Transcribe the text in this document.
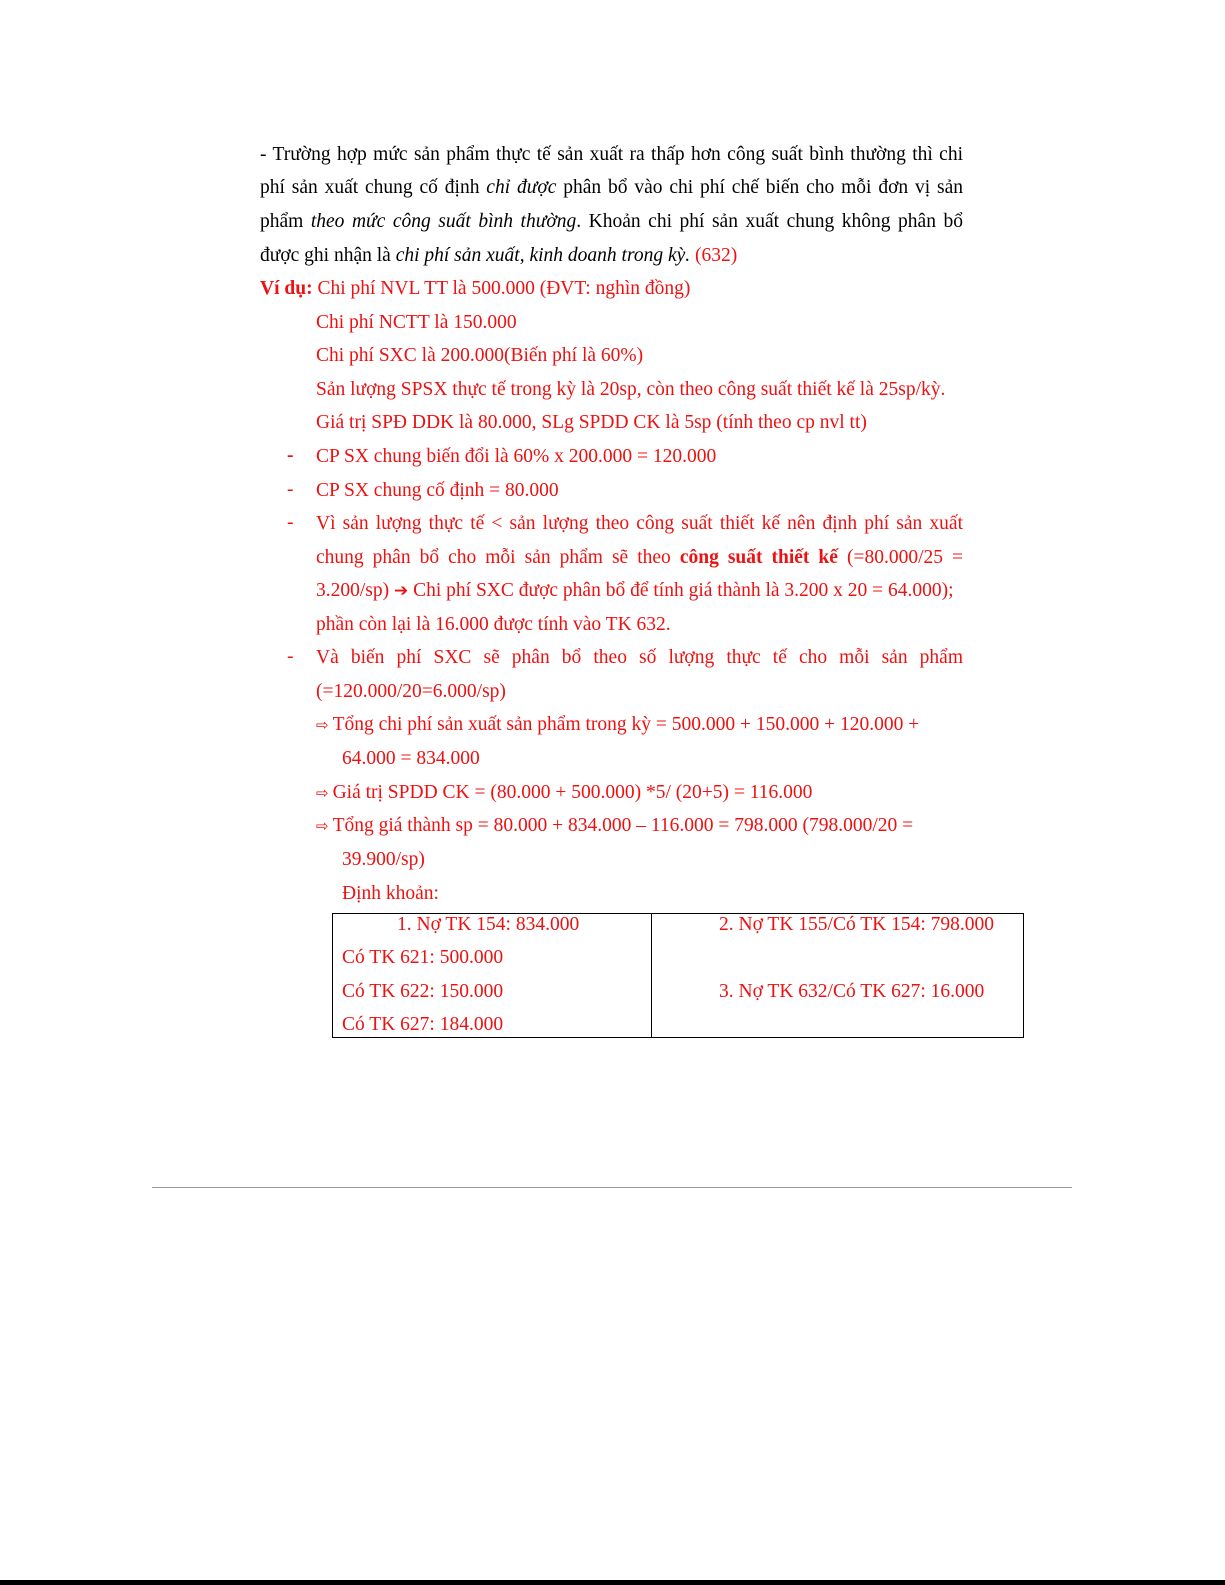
- Trường hợp mức sản phẩm thực tế sản xuất ra thấp hơn công suất bình thường thì chi
phí sản xuất chung cố định chỉ được phân bổ vào chi phí chế biến cho mỗi đơn vị sản
phẩm theo mức công suất bình thường. Khoản chi phí sản xuất chung không phân bổ
được ghi nhận là chi phí sản xuất, kinh doanh trong kỳ. (632)
Ví dụ: Chi phí NVL TT là 500.000 (ĐVT: nghìn đồng)
Chi phí NCTT là 150.000
Chi phí SXC là 200.000(Biến phí là 60%)
Sản lượng SPSX thực tế trong kỳ là 20sp, còn theo công suất thiết kế là 25sp/kỳ.
Giá trị SPĐ DDK là 80.000, SLg SPDD CK là 5sp (tính theo cp nvl tt)
- CP SX chung biến đổi là 60% x 200.000 = 120.000
- CP SX chung cố định = 80.000
- Vì sản lượng thực tế < sản lượng theo công suất thiết kế nên định phí sản xuất
chung phân bổ cho mỗi sản phẩm sẽ theo công suất thiết kế (=80.000/25 =
3.200/sp) ➔ Chi phí SXC được phân bổ để tính giá thành là 3.200 x 20 = 64.000);
phần còn lại là 16.000 được tính vào TK 632.
- Và biến phí SXC sẽ phân bổ theo số lượng thực tế cho mỗi sản phẩm
(=120.000/20=6.000/sp)
⇨ Tổng chi phí sản xuất sản phẩm trong kỳ = 500.000 + 150.000 + 120.000 +
64.000 = 834.000
⇨ Giá trị SPDD CK = (80.000 + 500.000) *5/ (20+5) = 116.000
⇨ Tổng giá thành sp = 80.000 + 834.000 – 116.000 = 798.000 (798.000/20 =
39.900/sp)
Định khoản:
1. Nợ TK 154: 834.000
Có TK 621: 500.000
Có TK 622: 150.000
Có TK 627: 184.000
2. Nợ TK 155/Có TK 154: 798.000
3. Nợ TK 632/Có TK 627: 16.000
